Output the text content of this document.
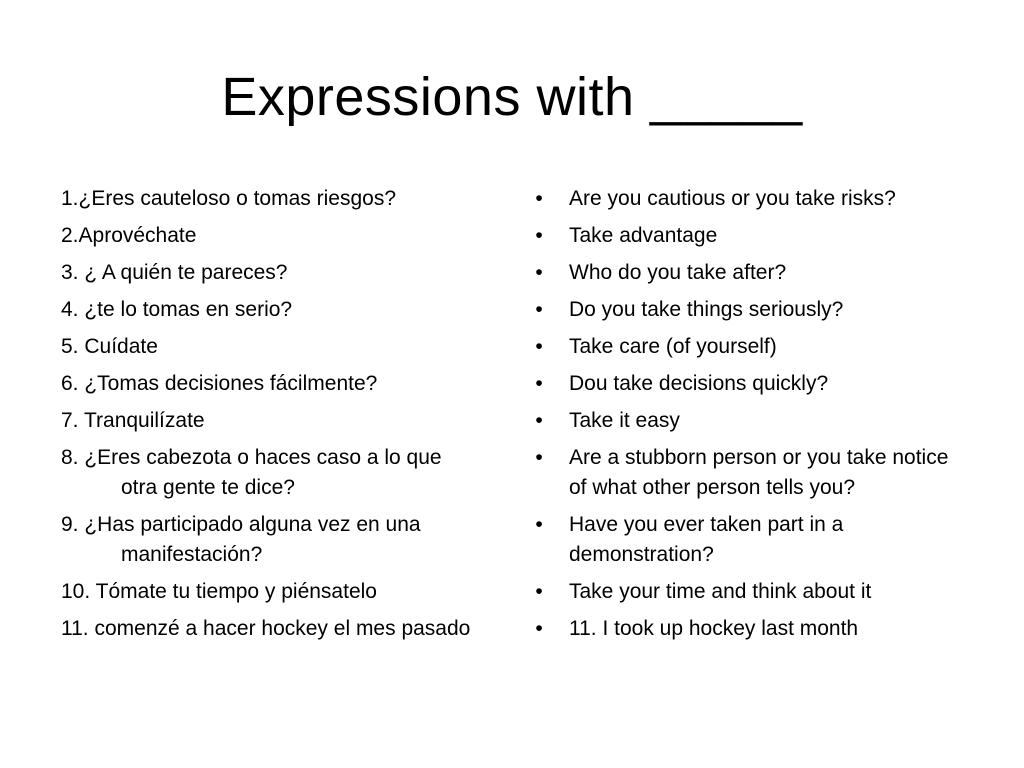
Expressions with _____
1.¿Eres cauteloso o tomas riesgos?
2.Aprovéchate
3. ¿ A quién te pareces?
4. ¿te lo tomas en serio?
5. Cuídate
6. ¿Tomas decisiones fácilmente?
7. Tranquilízate
8. ¿Eres cabezota o haces caso a lo que otra gente te dice?
9. ¿Has participado alguna vez en una manifestación?
10. Tómate tu tiempo y piénsatelo
11. comenzé a hacer hockey el mes pasado
• Are you cautious or you take risks?
• Take advantage
• Who do you take after?
• Do you take things seriously?
• Take care (of yourself)
• Dou take decisions quickly?
• Take it easy
• Are a stubborn person or you take notice of what other person tells you?
• Have you ever taken part in a demonstration?
• Take your time and think about it
• 11. I took up hockey last month
